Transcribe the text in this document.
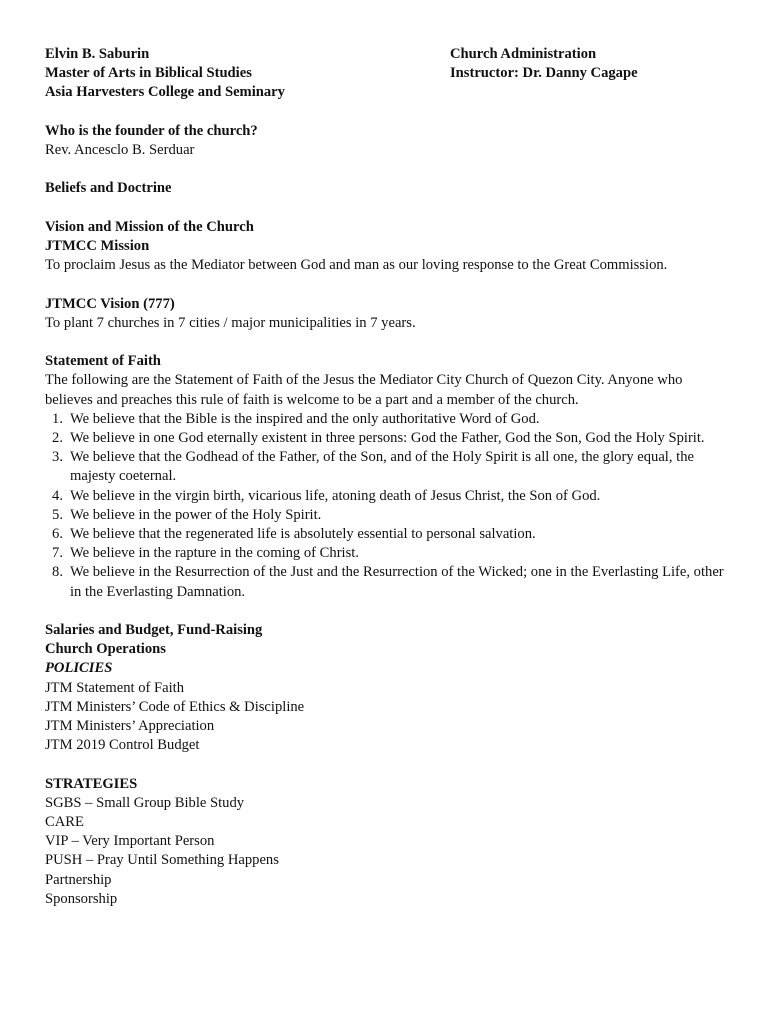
Elvin B. Saburin

Master of Arts in Biblical Studies

Asia Harvesters College and Seminary

Church Administration

Instructor: Dr. Danny Cagape

Who is the founder of the church?

Rev. Ancesclo B. Serduar

Beliefs and Doctrine

Vision and Mission of the Church

JTMCC Mission

To proclaim Jesus as the Mediator between God and man as our loving response to the Great Commission.

JTMCC Vision (777)

To plant 7 churches in 7 cities / major municipalities in 7 years.

Statement of Faith

The following are the Statement of Faith of the Jesus the Mediator City Church of Quezon City. Anyone who believes and preaches this rule of faith is welcome to be a part and a member of the church.

1. We believe that the Bible is the inspired and the only authoritative Word of God.
2. We believe in one God eternally existent in three persons: God the Father, God the Son, God the Holy Spirit.
3. We believe that the Godhead of the Father, of the Son, and of the Holy Spirit is all one, the glory equal, the majesty coeternal.
4. We believe in the virgin birth, vicarious life, atoning death of Jesus Christ, the Son of God.
5. We believe in the power of the Holy Spirit.
6. We believe that the regenerated life is absolutely essential to personal salvation.
7. We believe in the rapture in the coming of Christ.
8. We believe in the Resurrection of the Just and the Resurrection of the Wicked; one in the Everlasting Life, other in the Everlasting Damnation.

Salaries and Budget, Fund-Raising

Church Operations

POLICIES

JTM Statement of Faith

JTM Ministers’ Code of Ethics & Discipline

JTM Ministers’ Appreciation

JTM 2019 Control Budget

STRATEGIES

SGBS – Small Group Bible Study

CARE

VIP – Very Important Person

PUSH – Pray Until Something Happens

Partnership

Sponsorship
